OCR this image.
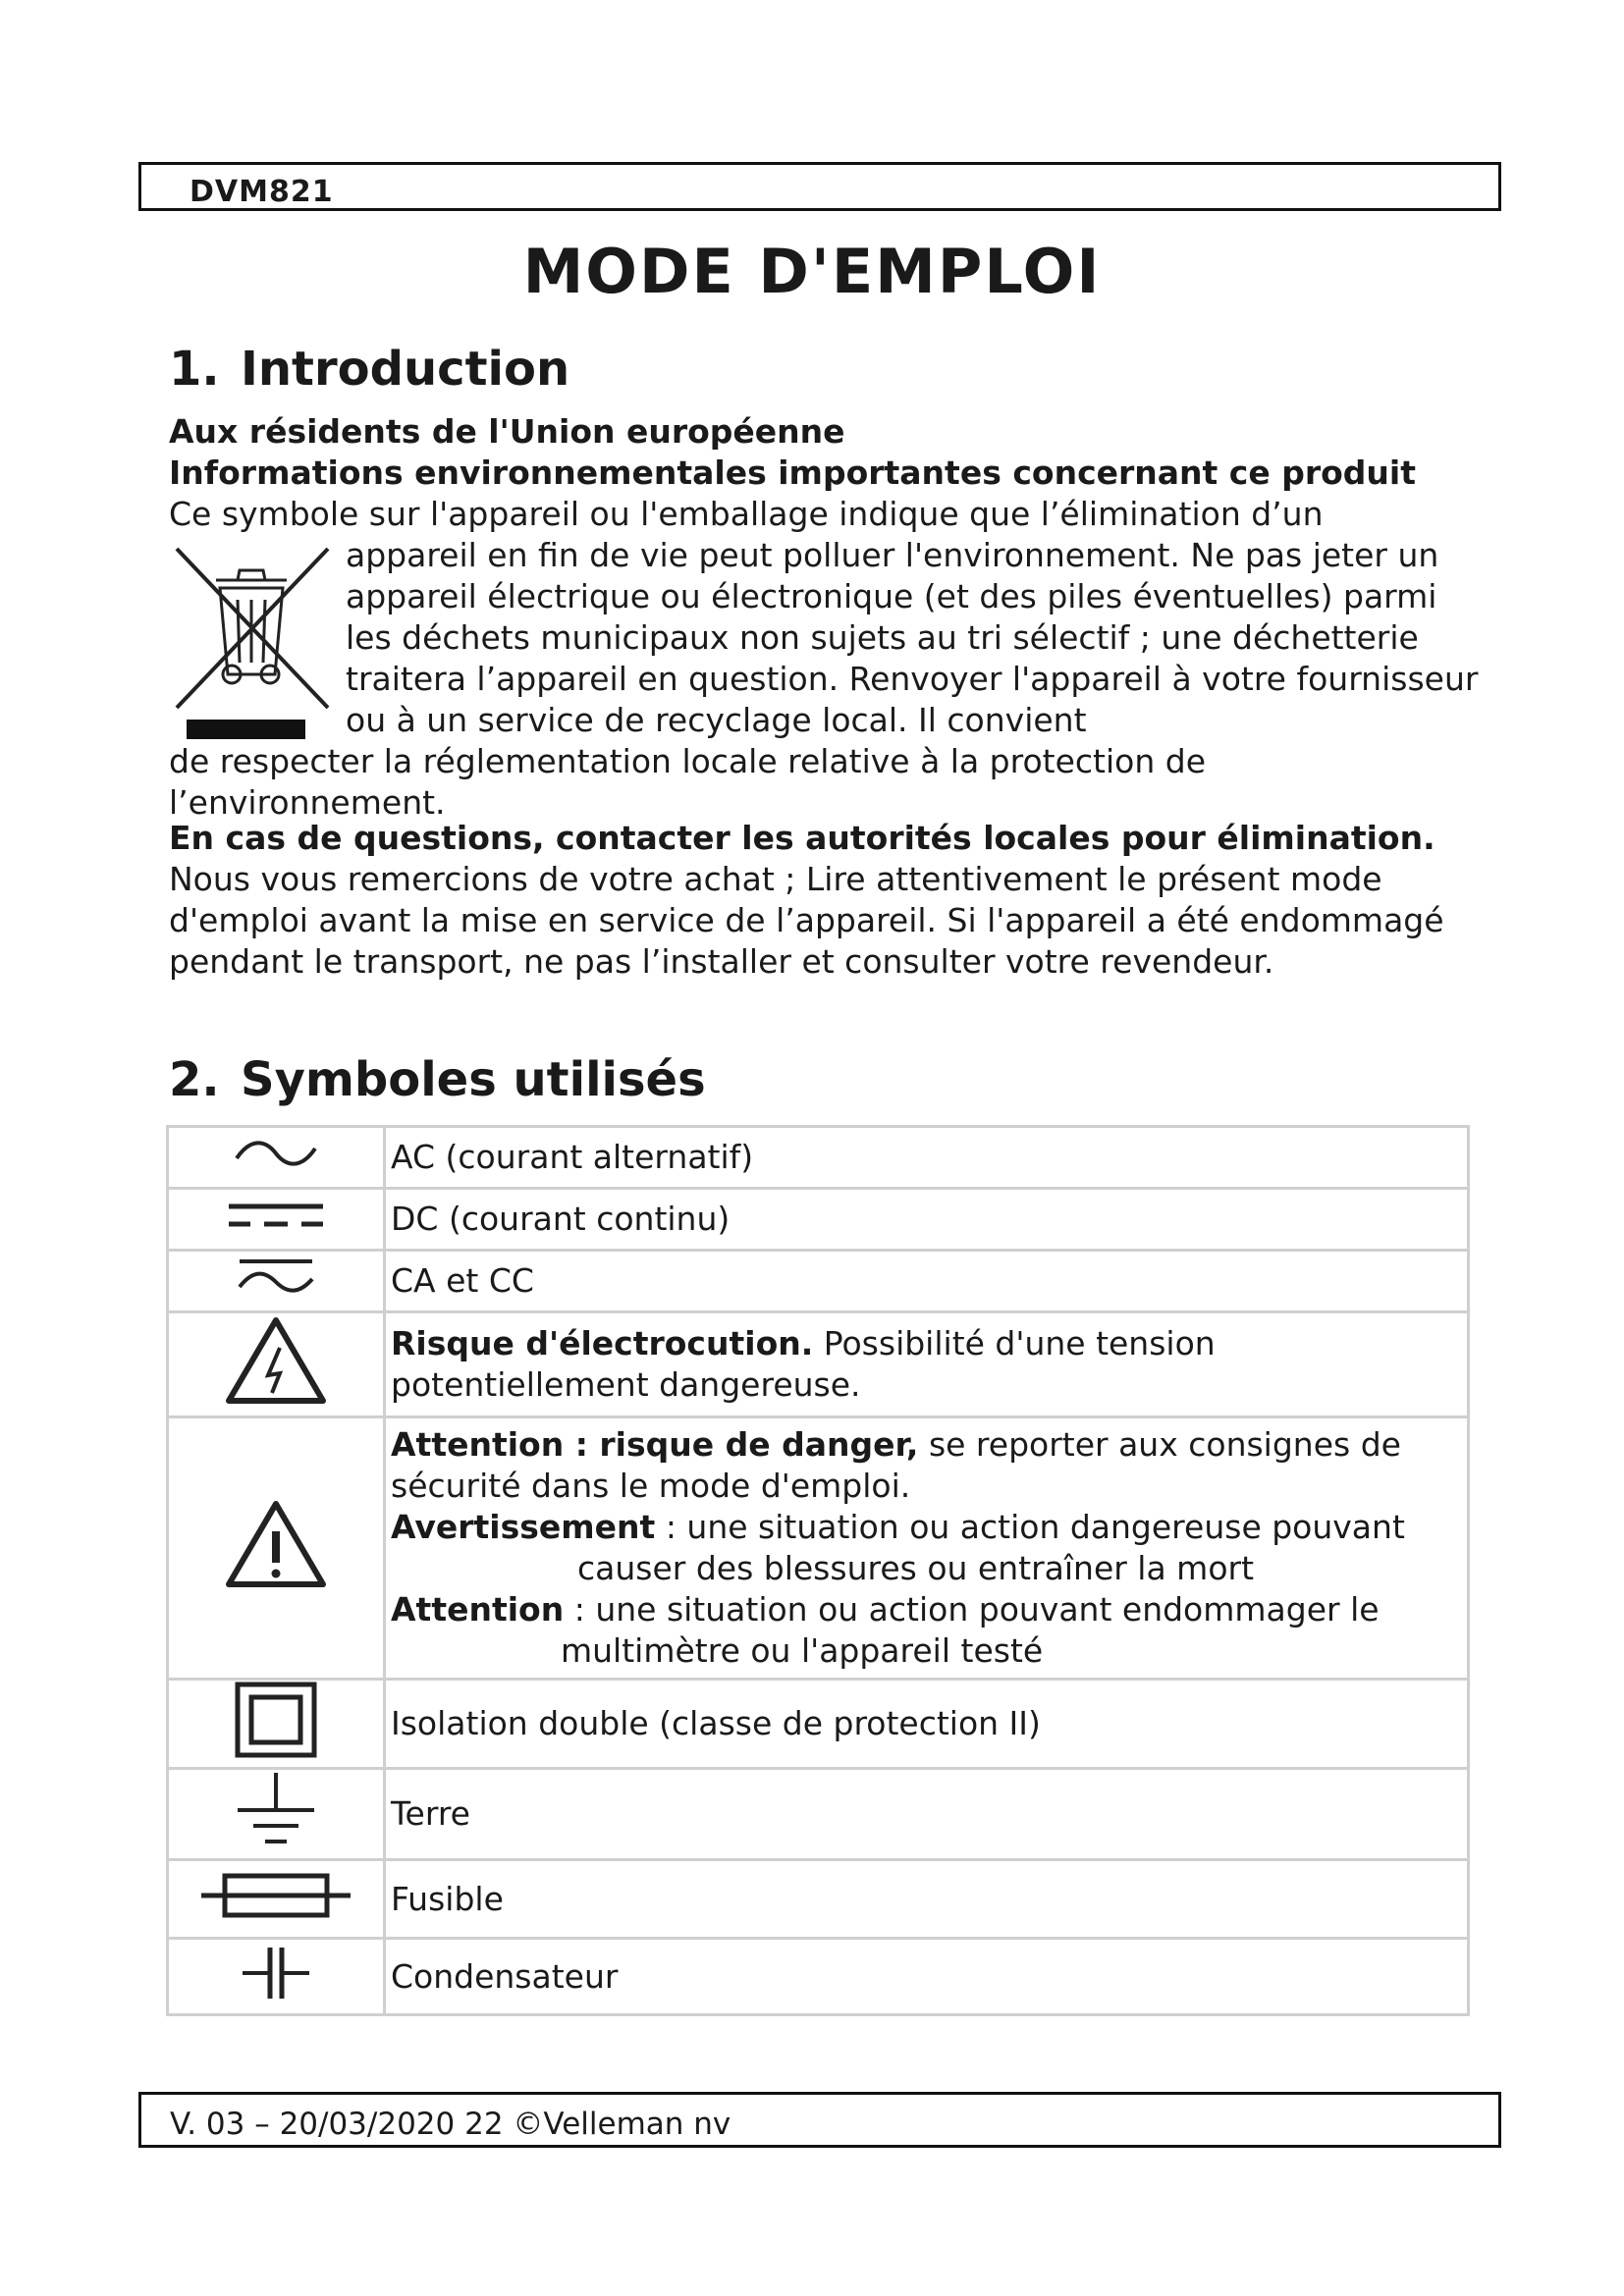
DVM821
MODE D'EMPLOI
1. Introduction

Aux résidents de l'Union européenne

Informations environnementales importantes concernant ce produit

Ce symbole sur l'appareil ou l'emballage indique que l’élimination d’un

appareil en fin de vie peut polluer l'environnement. Ne pas jeter un appareil électrique ou électronique (et des piles éventuelles) parmi les déchets municipaux non sujets au tri sélectif ; une déchetterie traitera l’appareil en question. Renvoyer l'appareil à votre fournisseur ou à un service de recyclage local. Il convient

de respecter la réglementation locale relative à la protection de l’environnement.

En cas de questions, contacter les autorités locales pour élimination.

Nous vous remercions de votre achat ; Lire attentivement le présent mode d'emploi avant la mise en service de l’appareil. Si l'appareil a été endommagé pendant le transport, ne pas l’installer et consulter votre revendeur.

2. Symboles utilisés
	AC (courant alternatif)
	DC (courant continu)
	CA et CC
	Risque d'électrocution. Possibilité d'une tension potentiellement dangereuse.

Attention : risque de danger, se reporter aux consignes de sécurité dans le mode d'emploi.
Avertissement : une situation ou action dangereuse pouvant
causer des blessures ou entraîner la mort
Attention : une situation ou action pouvant endommager le
multimètre ou l'appareil testé

	Isolation double (classe de protection II)
	Terre
	Fusible
	Condensateur
V. 03 – 20/03/2020 22 ©Velleman nv
